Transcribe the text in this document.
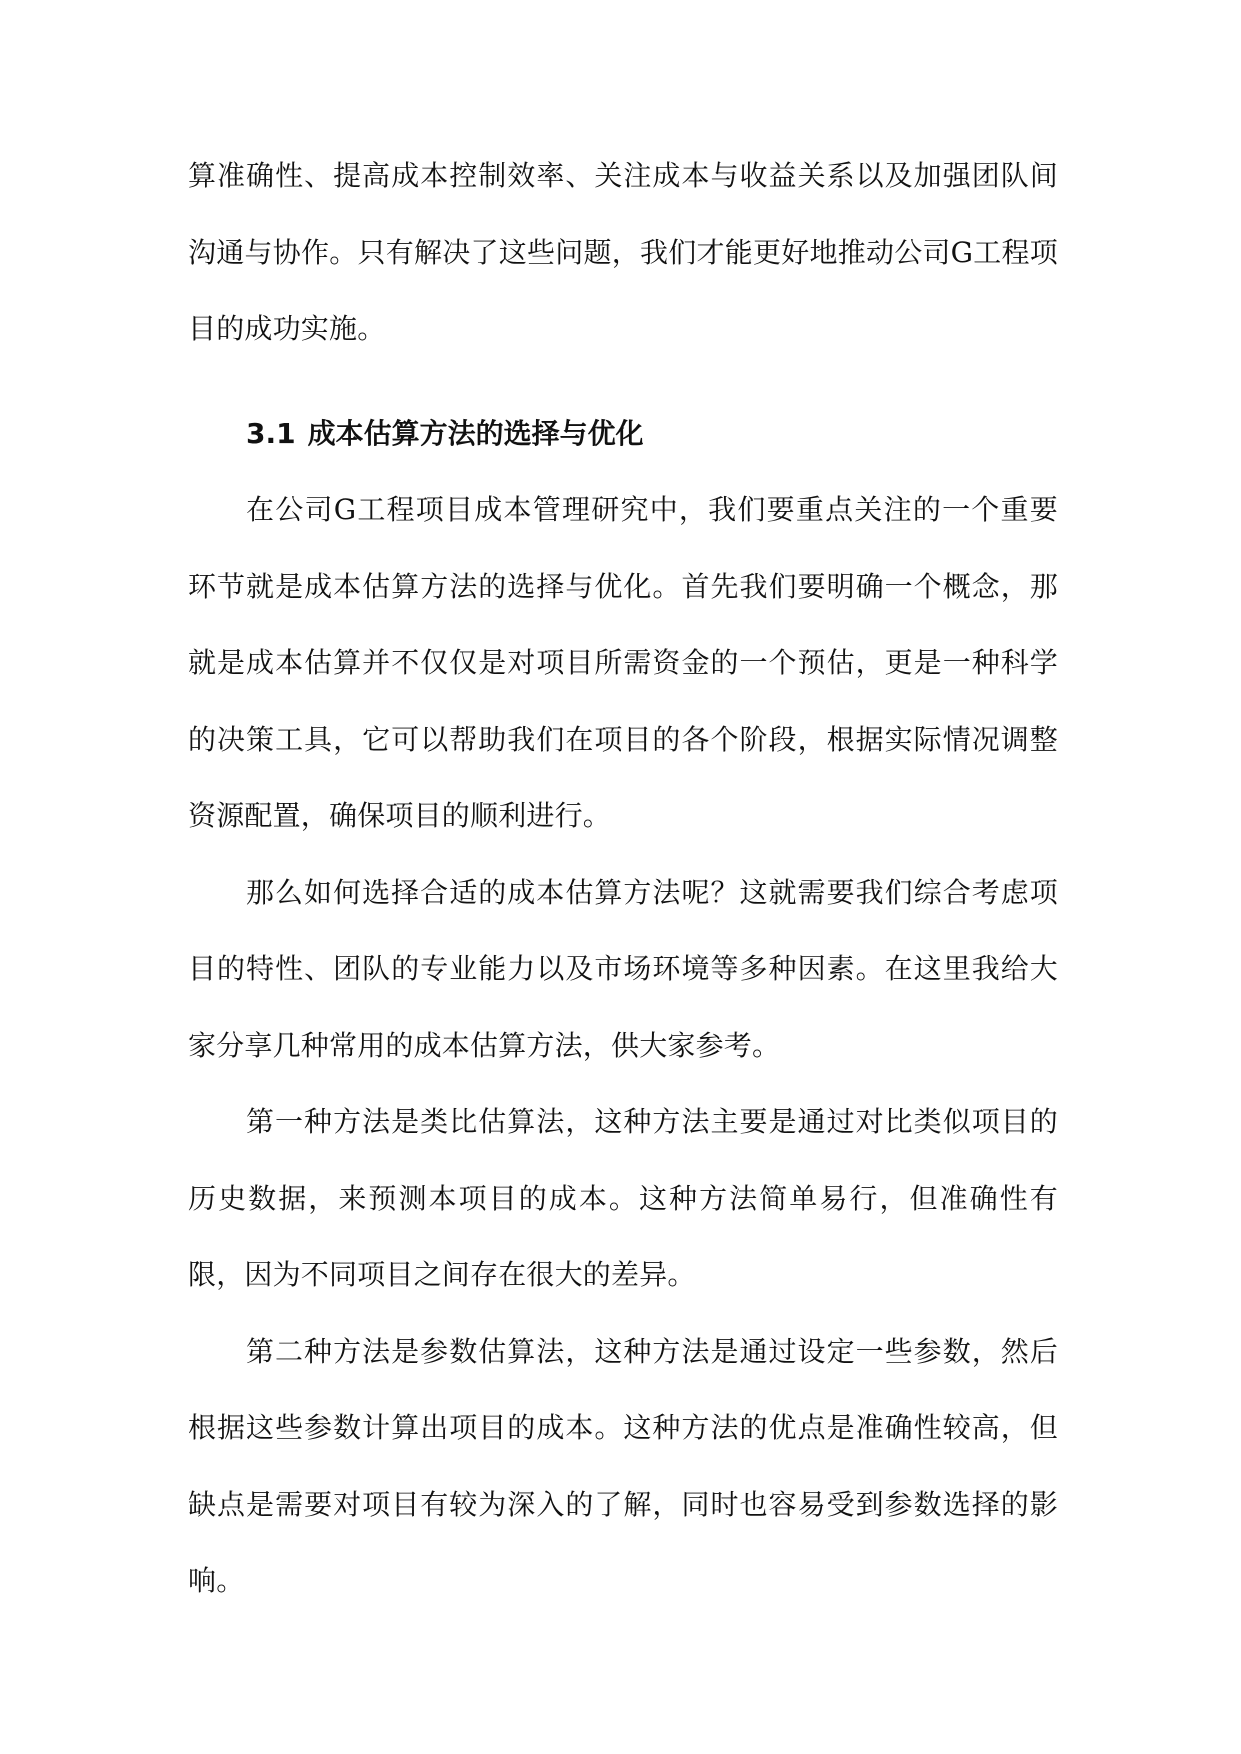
算准确性、提高成本控制效率、关注成本与收益关系以及加强团队间沟通与协作。只有解决了这些问题，我们才能更好地推动公司G工程项目的成功实施。

3.1 成本估算方法的选择与优化

在公司G工程项目成本管理研究中，我们要重点关注的一个重要环节就是成本估算方法的选择与优化。首先我们要明确一个概念，那就是成本估算并不仅仅是对项目所需资金的一个预估，更是一种科学的决策工具，它可以帮助我们在项目的各个阶段，根据实际情况调整资源配置，确保项目的顺利进行。

那么如何选择合适的成本估算方法呢？这就需要我们综合考虑项目的特性、团队的专业能力以及市场环境等多种因素。在这里我给大家分享几种常用的成本估算方法，供大家参考。

第一种方法是类比估算法，这种方法主要是通过对比类似项目的历史数据，来预测本项目的成本。这种方法简单易行，但准确性有限，因为不同项目之间存在很大的差异。

第二种方法是参数估算法，这种方法是通过设定一些参数，然后根据这些参数计算出项目的成本。这种方法的优点是准确性较高，但缺点是需要对项目有较为深入的了解，同时也容易受到参数选择的影响。
